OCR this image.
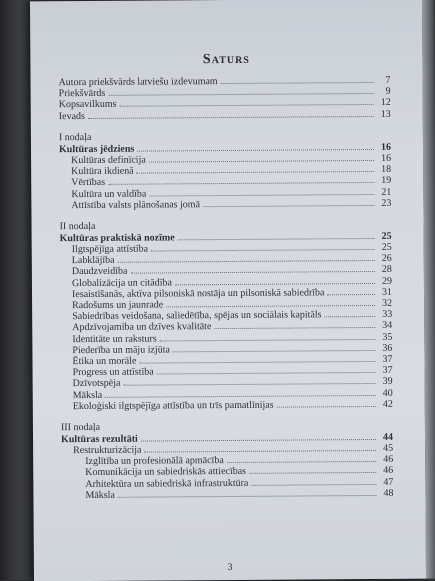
Saturs
Autora priekšvārds latviešu izdevumam	7
Priekšvārds	9
Kopsavilkums	12
Ievads	13
I nodaļa
Kultūras jēdziens	16
Kultūras definīcija	16
Kultūra ikdienā	18
Vērtības	19
Kultūra un valdība	21
Attīstība valsts plānošanas jomā	23
II nodaļa
Kultūras praktiskā nozīme	25
Ilgtspējīga attīstība	25
Labklājība	26
Daudzveidība	28
Globalizācija un citādība	29
Iesaistīšanās, aktīva pilsoniskā nostāja un pilsoniskā sabiedrība	31
Radošums un jaunrade	32
Sabiedrības veidošana, saliedētība, spējas un sociālais kapitāls	33
Apdzīvojamība un dzīves kvalitāte	34
Identitāte un raksturs	35
Piederība un māju izjūta	36
Ētika un morāle	37
Progress un attīstība	37
Dzīvotspēja	39
Māksla	40
Ekoloģiski ilgtspējīga attīstība un trīs pamatlīnijas	42
III nodaļa
Kultūras rezultāti	44
Restrukturizācija	45
Izglītība un profesionālā apmācība	46
Komunikācija un sabiedriskās attiecības	46
Arhitektūra un sabiedriskā infrastruktūra	47
Māksla	48
3
